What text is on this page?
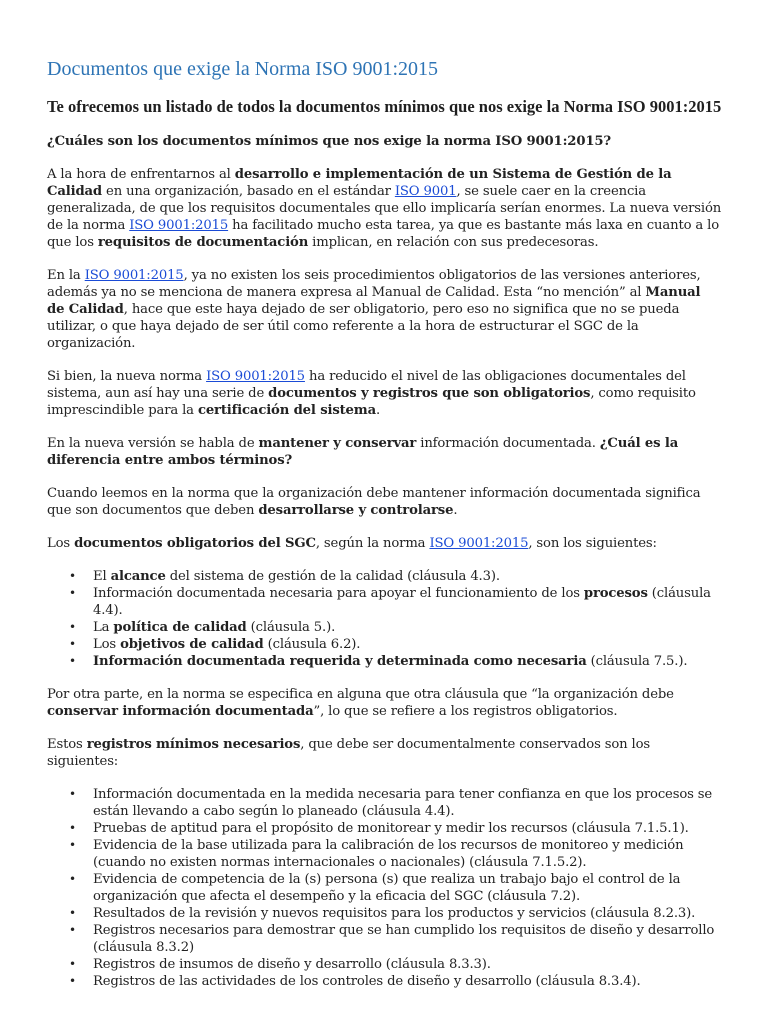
Documentos que exige la Norma ISO 9001:2015
Te ofrecemos un listado de todos la documentos mínimos que nos exige la Norma ISO 9001:2015

¿Cuáles son los documentos mínimos que nos exige la norma ISO 9001:2015?

A la hora de enfrentarnos al desarrollo e implementación de un Sistema de Gestión de la Calidad en una organización, basado en el estándar ISO 9001, se suele caer en la creencia generalizada, de que los requisitos documentales que ello implicaría serían enormes. La nueva versión de la norma ISO 9001:2015 ha facilitado mucho esta tarea, ya que es bastante más laxa en cuanto a lo que los requisitos de documentación implican, en relación con sus predecesoras.

En la ISO 9001:2015, ya no existen los seis procedimientos obligatorios de las versiones anteriores, además ya no se menciona de manera expresa al Manual de Calidad. Esta “no mención” al Manual de Calidad, hace que este haya dejado de ser obligatorio, pero eso no significa que no se pueda utilizar, o que haya dejado de ser útil como referente a la hora de estructurar el SGC de la organización.

Si bien, la nueva norma ISO 9001:2015 ha reducido el nivel de las obligaciones documentales del sistema, aun así hay una serie de documentos y registros que son obligatorios, como requisito imprescindible para la certificación del sistema.

En la nueva versión se habla de mantener y conservar información documentada. ¿Cuál es la diferencia entre ambos términos?

Cuando leemos en la norma que la organización debe mantener información documentada significa que son documentos que deben desarrollarse y controlarse.

Los documentos obligatorios del SGC, según la norma ISO 9001:2015, son los siguientes:

• El alcance del sistema de gestión de la calidad (cláusula 4.3).
• Información documentada necesaria para apoyar el funcionamiento de los procesos (cláusula 4.4).
• La política de calidad (cláusula 5.).
• Los objetivos de calidad (cláusula 6.2).
• Información documentada requerida y determinada como necesaria (cláusula 7.5.).

Por otra parte, en la norma se especifica en alguna que otra cláusula que “la organización debe conservar información documentada”, lo que se refiere a los registros obligatorios.

Estos registros mínimos necesarios, que debe ser documentalmente conservados son los siguientes:

• Información documentada en la medida necesaria para tener confianza en que los procesos se están llevando a cabo según lo planeado (cláusula 4.4).
• Pruebas de aptitud para el propósito de monitorear y medir los recursos (cláusula 7.1.5.1).
• Evidencia de la base utilizada para la calibración de los recursos de monitoreo y medición (cuando no existen normas internacionales o nacionales) (cláusula 7.1.5.2).
• Evidencia de competencia de la (s) persona (s) que realiza un trabajo bajo el control de la organización que afecta el desempeño y la eficacia del SGC (cláusula 7.2).
• Resultados de la revisión y nuevos requisitos para los productos y servicios (cláusula 8.2.3).
• Registros necesarios para demostrar que se han cumplido los requisitos de diseño y desarrollo (cláusula 8.3.2)
• Registros de insumos de diseño y desarrollo (cláusula 8.3.3).
• Registros de las actividades de los controles de diseño y desarrollo (cláusula 8.3.4).
